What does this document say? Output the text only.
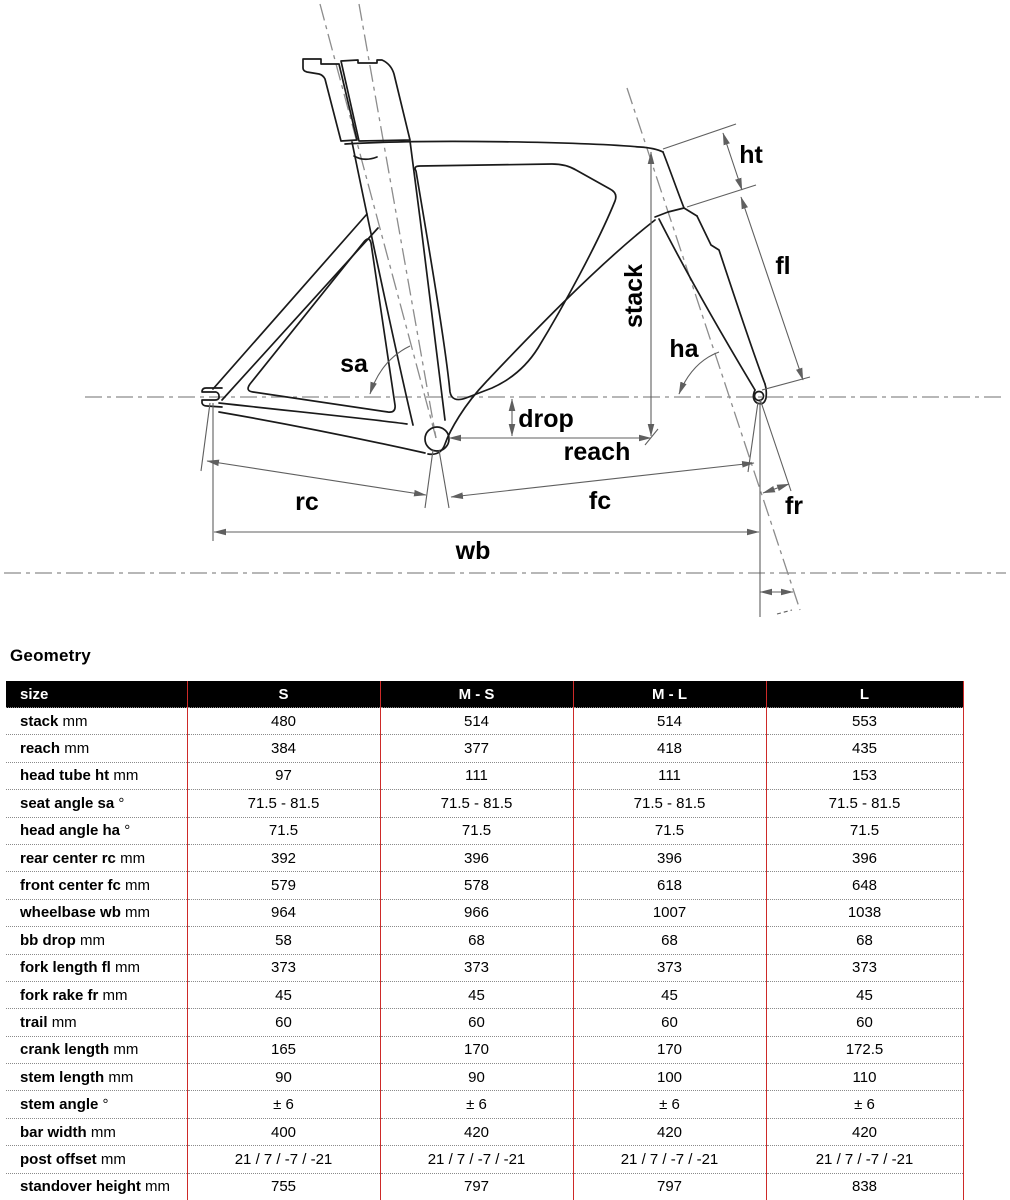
ht
fl
stack
ha
sa
drop
reach
rc	fc	fr
wb
Geometry
size	S	M - S	M - L	L
stack mm	480	514	514	553
reach mm	384	377	418	435
head tube ht mm	97	111	111	153
seat angle sa °	71.5 - 81.5	71.5 - 81.5	71.5 - 81.5	71.5 - 81.5
head angle ha °	71.5	71.5	71.5	71.5
rear center rc mm	392	396	396	396
front center fc mm	579	578	618	648
wheelbase wb mm	964	966	1007	1038
bb drop mm	58	68	68	68
fork length fl mm	373	373	373	373
fork rake fr mm	45	45	45	45
trail mm	60	60	60	60
crank length mm	165	170	170	172.5
stem length mm	90	90	100	110
stem angle °	± 6	± 6	± 6	± 6
bar width mm	400	420	420	420
post offset mm	21 / 7 / -7 / -21	21 / 7 / -7 / -21	21 / 7 / -7 / -21	21 / 7 / -7 / -21
standover height mm	755	797	797	838
